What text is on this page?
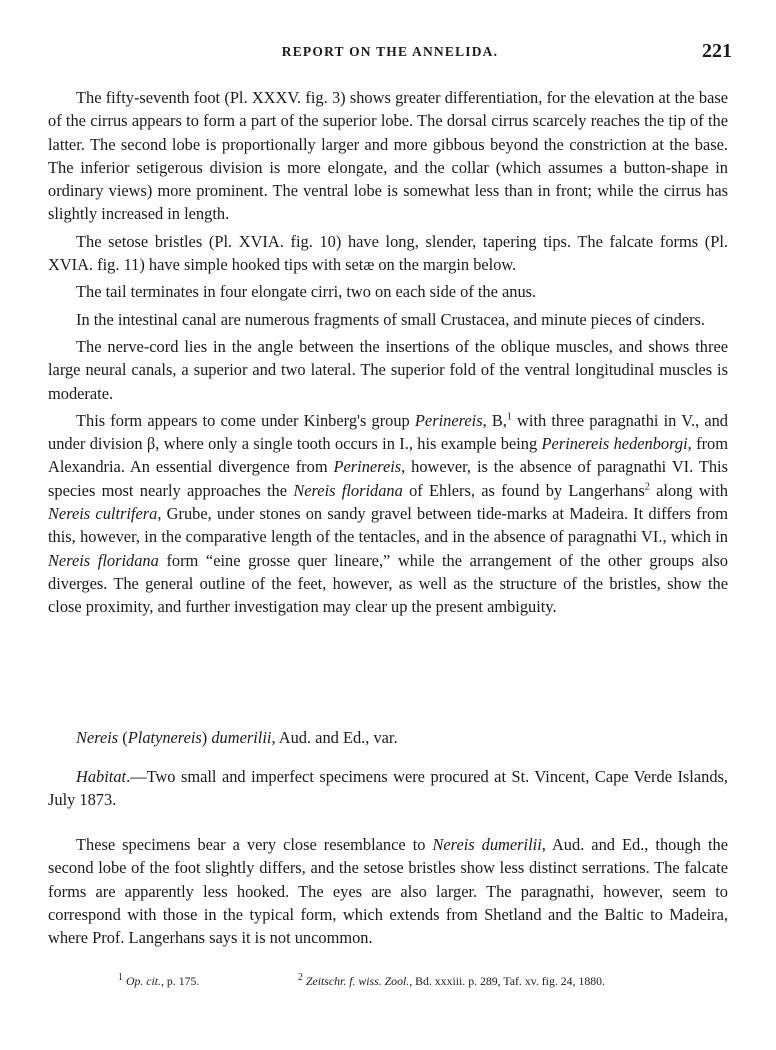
REPORT ON THE ANNELIDA.	221

The fifty-seventh foot (Pl. XXXV. fig. 3) shows greater differentiation, for the elevation at the base of the cirrus appears to form a part of the superior lobe. The dorsal cirrus scarcely reaches the tip of the latter. The second lobe is proportionally larger and more gibbous beyond the constriction at the base. The inferior setigerous division is more elongate, and the collar (which assumes a button-shape in ordinary views) more prominent. The ventral lobe is somewhat less than in front; while the cirrus has slightly increased in length.

The setose bristles (Pl. XVIA. fig. 10) have long, slender, tapering tips. The falcate forms (Pl. XVIA. fig. 11) have simple hooked tips with setæ on the margin below.

The tail terminates in four elongate cirri, two on each side of the anus.

In the intestinal canal are numerous fragments of small Crustacea, and minute pieces of cinders.

The nerve-cord lies in the angle between the insertions of the oblique muscles, and shows three large neural canals, a superior and two lateral. The superior fold of the ventral longitudinal muscles is moderate.

This form appears to come under Kinberg's group Perinereis, B,$^1$ with three paragnathi in V., and under division β, where only a single tooth occurs in I., his example being Perinereis hedenborgi, from Alexandria. An essential divergence from Perinereis, however, is the absence of paragnathi VI. This species most nearly approaches the Nereis floridana of Ehlers, as found by Langerhans$^2$ along with Nereis cultrifera, Grube, under stones on sandy gravel between tide-marks at Madeira. It differs from this, however, in the comparative length of the tentacles, and in the absence of paragnathi VI., which in Nereis floridana form “eine grosse quer lineare,” while the arrangement of the other groups also diverges. The general outline of the feet, however, as well as the structure of the bristles, show the close proximity, and further investigation may clear up the present ambiguity.

Nereis (Platynereis) dumerilii, Aud. and Ed., var.

Habitat.—Two small and imperfect specimens were procured at St. Vincent, Cape Verde Islands, July 1873.

These specimens bear a very close resemblance to Nereis dumerilii, Aud. and Ed., though the second lobe of the foot slightly differs, and the setose bristles show less distinct serrations. The falcate forms are apparently less hooked. The eyes are also larger. The paragnathi, however, seem to correspond with those in the typical form, which extends from Shetland and the Baltic to Madeira, where Prof. Langerhans says it is not uncommon.

$^1$ Op. cit., p. 175.	$^2$ Zeitschr. f. wiss. Zool., Bd. xxxiii. p. 289, Taf. xv. fig. 24, 1880.
